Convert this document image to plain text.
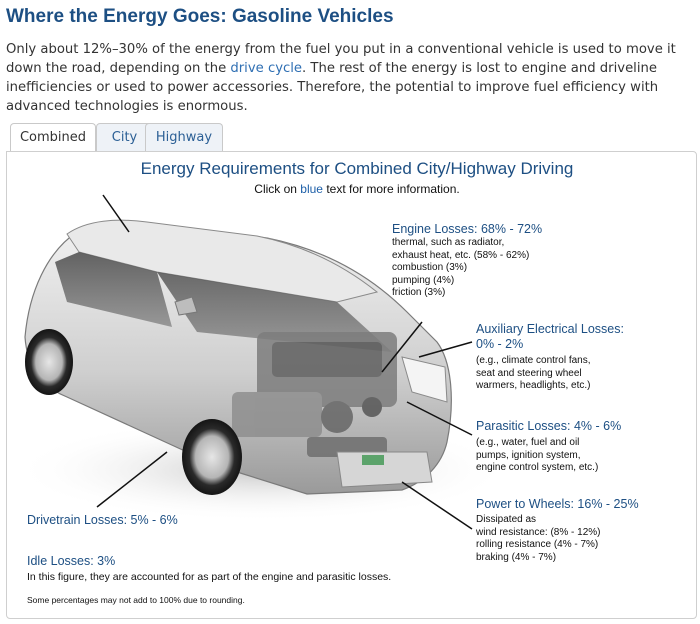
Where the Energy Goes: Gasoline Vehicles
Only about 12%–30% of the energy from the fuel you put in a conventional vehicle is used to move it down the road, depending on the drive cycle. The rest of the energy is lost to engine and driveline inefficiencies or used to power accessories. Therefore, the potential to improve fuel efficiency with advanced technologies is enormous.
Combined	City	Highway
Energy Requirements for Combined City/Highway Driving
Click on blue text for more information.
Engine Losses: 68% - 72%
thermal, such as radiator,
exhaust heat, etc. (58% - 62%)
combustion (3%)
pumping (4%)
friction (3%)
Auxiliary Electrical Losses:
0% - 2%
(e.g., climate control fans,
seat and steering wheel
warmers, headlights, etc.)
Parasitic Losses: 4% - 6%
(e.g., water, fuel and oil
pumps, ignition system,
engine control system, etc.)
Power to Wheels: 16% - 25%
Dissipated as
wind resistance: (8% - 12%)
rolling resistance (4% - 7%)
braking (4% - 7%)
Drivetrain Losses: 5% - 6%
Idle Losses: 3%
In this figure, they are accounted for as part of the engine and parasitic losses.
Some percentages may not add to 100% due to rounding.
